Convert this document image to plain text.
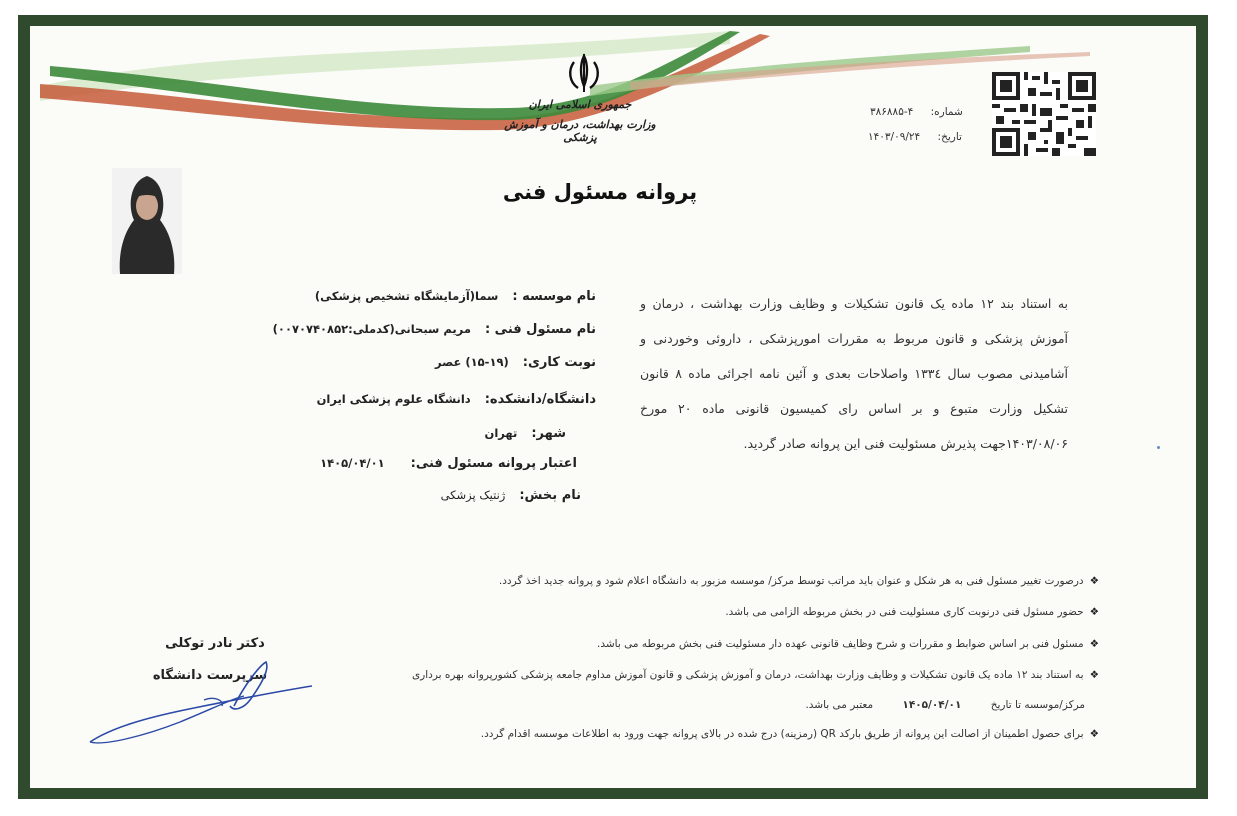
جمهوری اسلامی ایران
وزارت بهداشت، درمان و آموزش پزشکی
شماره: ۴-۳۸۶۸۸۵
تاریخ: ۱۴۰۳/۰۹/۲۴
پروانه مسئول فنی
به استناد بند ۱۲ ماده یک قانون تشکیلات و وظایف وزارت بهداشت ، درمان و آموزش پزشکی و قانون مربوط به مقررات امورپزشکی ، داروئی وخوردنی و آشامیدنی مصوب سال ۱۳۳٤ واصلاحات بعدی و آئین نامه اجرائی ماده ۸ قانون تشکیل وزارت متبوع و بر اساس رای کمیسیون قانونی ماده ۲۰ مورخ ۱۴۰۳/۰۸/۰۶جهت پذیرش مسئولیت فنی این پروانه صادر گردید.
نام موسسه :سما(آزمایشگاه تشخیص پزشکی)
نام مسئول فنی :مریم سبحانی(کدملی:۰۰۷۰۷۴۰۸۵۲)
نوبت کاری:(۱۹-۱۵) عصر
دانشگاه/دانشکده:دانشگاه علوم پزشکی ایران
شهر:تهران
اعتبار پروانه مسئول فنی:۱۴۰۵/۰۴/۰۱
نام بخش:ژنتیک پزشکی
❖درصورت تغییر مسئول فنی به هر شکل و عنوان باید مراتب توسط مرکز/ موسسه مزبور به دانشگاه اعلام شود و پروانه جدید اخذ گردد.
❖حضور مسئول فنی درنوبت کاری مسئولیت فنی در بخش مربوطه الزامی می باشد.
❖مسئول فنی بر اساس ضوابط و مقررات و شرح وظایف قانونی عهده دار مسئولیت فنی بخش مربوطه می باشد.
❖به استناد بند ۱۲ ماده یک قانون تشکیلات و وظایف وزارت بهداشت، درمان و آموزش پزشکی و قانون آموزش مداوم جامعه پزشکی کشورپروانه بهره برداری
مرکز/موسسه تا تاریخ ۱۴۰۵/۰۴/۰۱ معتبر می باشد.
❖برای حصول اطمینان از اصالت این پروانه از طریق بارکد QR (رمزینه) درج شده در بالای پروانه جهت ورود به اطلاعات موسسه اقدام گردد.
دکتر نادر توکلی
سرپرست دانشگاه
